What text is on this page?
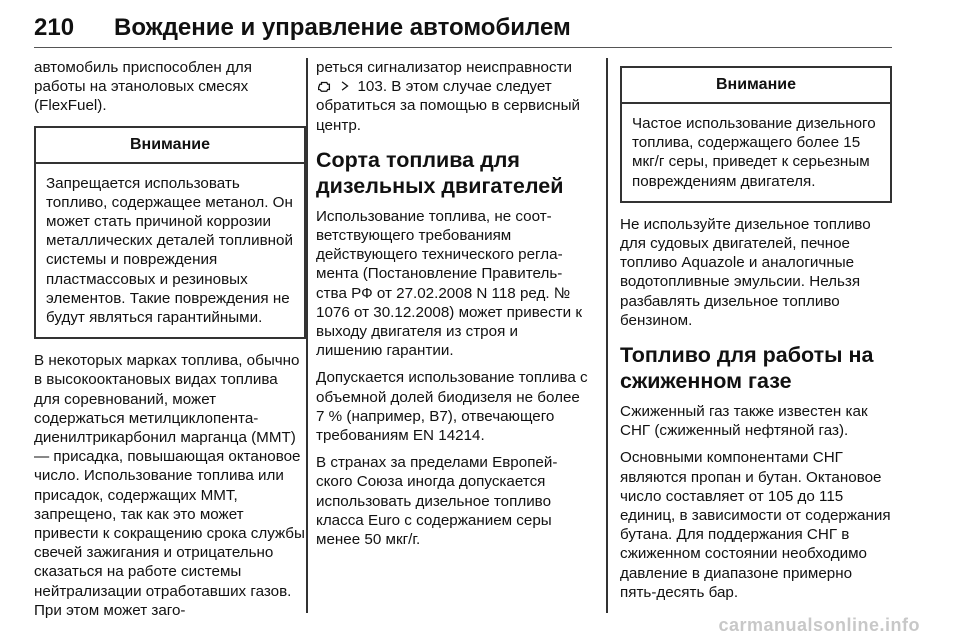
210 Вождение и управление автомобилем

автомобиль приспособлен для работы на этаноловых смесях (FlexFuel).

Внимание
Запрещается использовать топливо, содержащее метанол. Он может стать причиной коррозии металлических деталей топливной системы и повреждения пластмассовых и резиновых элементов. Такие повреждения не будут являться гарантийными.

В некоторых марках топлива, обычно в высокооктановых видах топлива для соревнований, может содержаться метилциклопентадиенилтрикарбонил марганца (MMT) — присадка, повышающая октановое число. Использование топлива или присадок, содержащих MMT, запрещено, так как это может привести к сокращению срока службы свечей зажигания и отрицательно сказаться на работе системы нейтрализации отработавших газов. При этом может заго-

реться сигнализатор неисправности   103. В этом случае следует обратиться за помощью в сервисный центр.

Сорта топлива для дизельных двигателей

Использование топлива, не соответствующего требованиям действующего технического регламента (Постановление Правительства РФ от 27.02.2008 N 118 ред. № 1076 от 30.12.2008) может привести к выходу двигателя из строя и лишению гарантии.

Допускается использование топлива с объемной долей биодизеля не более 7 % (например, B7), отвечающего требованиям EN 14214.

В странах за пределами Европейского Союза иногда допускается использовать дизельное топливо класса Euro с содержанием серы менее 50 мкг/г.

Внимание
Частое использование дизельного топлива, содержащего более 15 мкг/г серы, приведет к серьезным повреждениям двигателя.

Не используйте дизельное топливо для судовых двигателей, печное топливо Aquazole и аналогичные водотопливные эмульсии. Нельзя разбавлять дизельное топливо бензином.

Топливо для работы на сжиженном газе

Сжиженный газ также известен как СНГ (сжиженный нефтяной газ).

Основными компонентами СНГ являются пропан и бутан. Октановое число составляет от 105 до 115 единиц, в зависимости от содержания бутана. Для поддержания СНГ в сжиженном состоянии необходимо давление в диапазоне примерно пять-десять бар.

carmanualsonline.info
